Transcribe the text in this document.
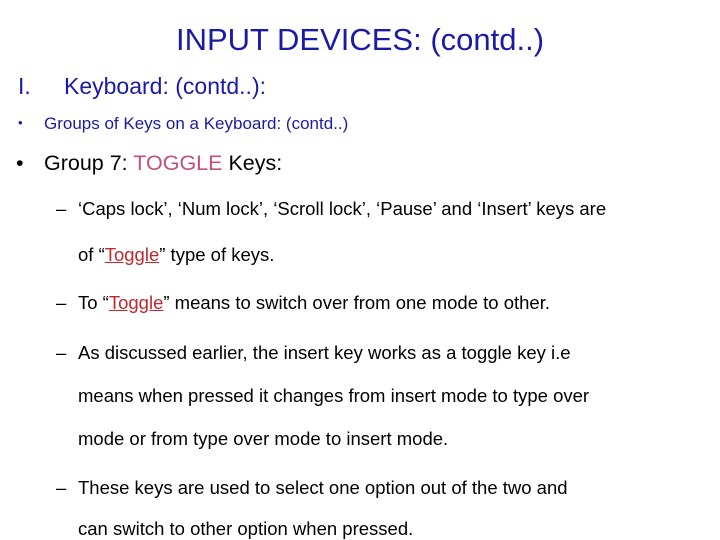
INPUT DEVICES: (contd..)
I. Keyboard: (contd..):
• Groups of Keys on a Keyboard: (contd..)
• Group 7: TOGGLE Keys:
– ‘Caps lock’, ‘Num lock’, ‘Scroll lock’, ‘Pause’ and ‘Insert’ keys are
of “Toggle” type of keys.
– To “Toggle” means to switch over from one mode to other.
– As discussed earlier, the insert key works as a toggle key i.e
means when pressed it changes from insert mode to type over
mode or from type over mode to insert mode.
– These keys are used to select one option out of the two and
can switch to other option when pressed.
